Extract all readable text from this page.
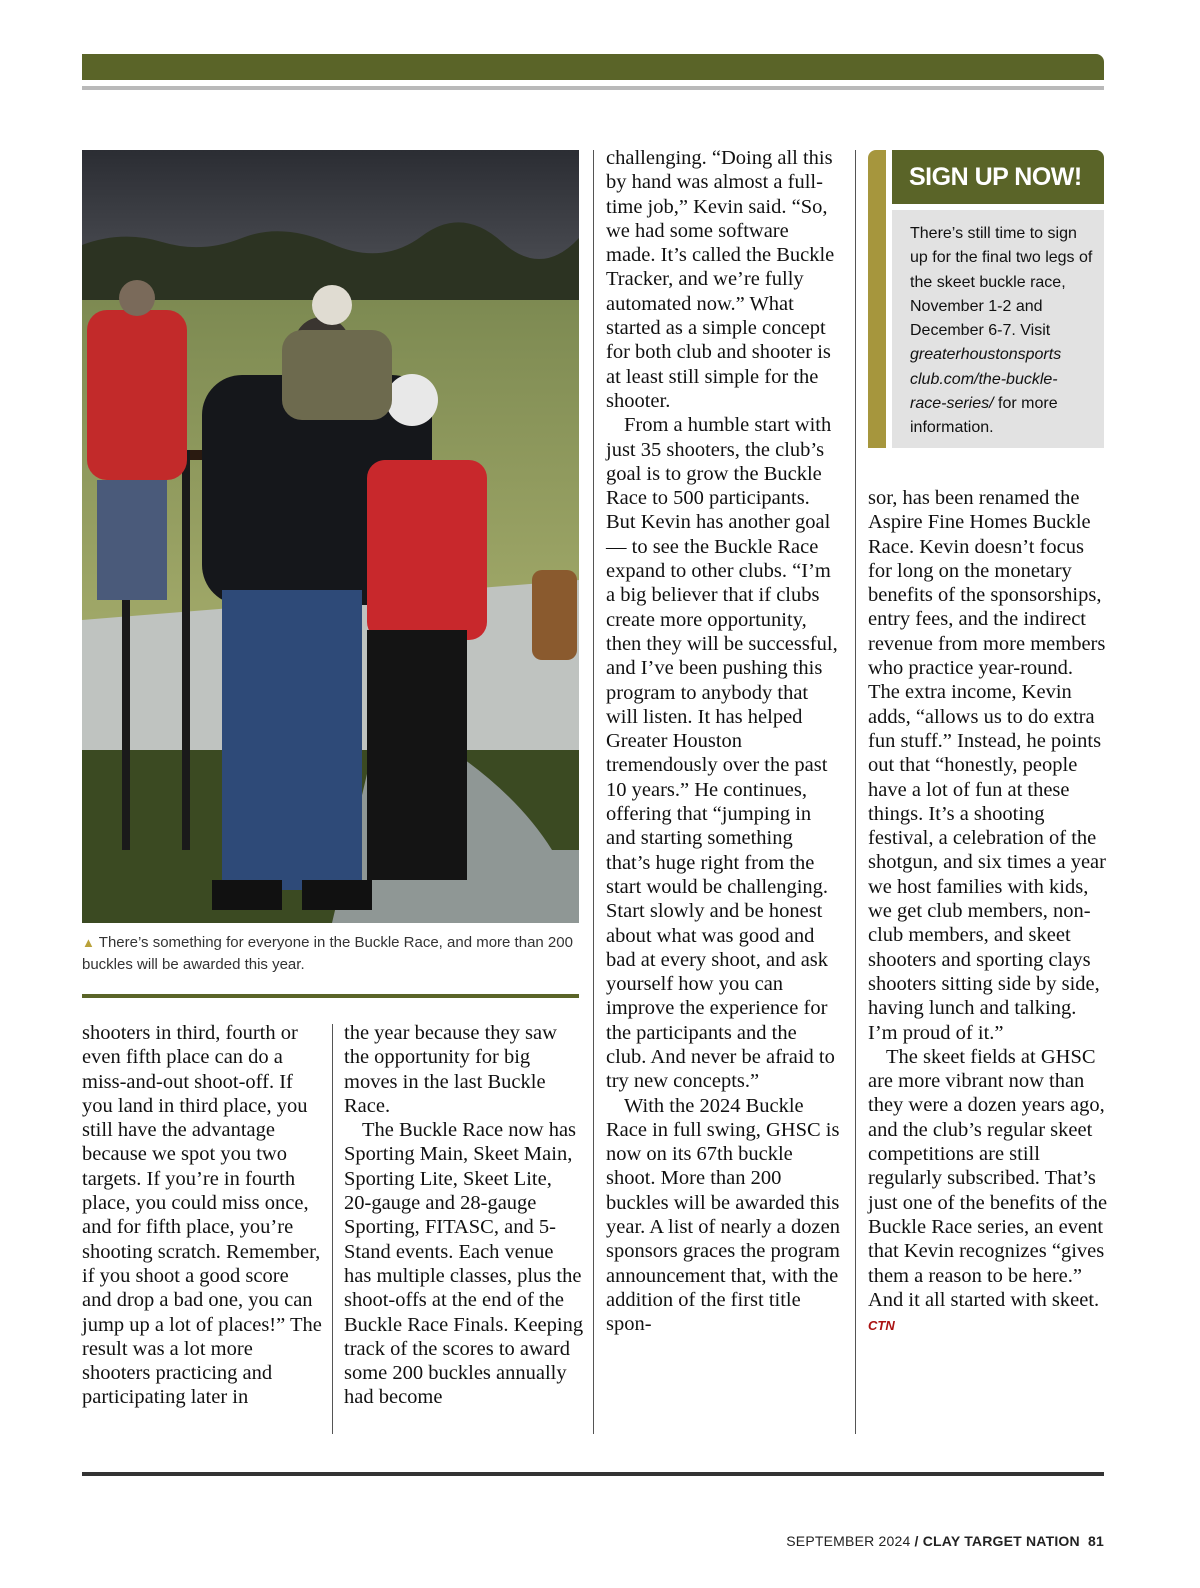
▲ There’s something for everyone in the Buckle Race, and more than 200 buckles will be awarded this year.

shooters in third, fourth or even fifth place can do a miss-and-out shoot-off. If you land in third place, you still have the advantage because we spot you two targets. If you’re in fourth place, you could miss once, and for fifth place, you’re shooting scratch. Remember, if you shoot a good score and drop a bad one, you can jump up a lot of places!” The result was a lot more shooters practicing and participating later in

the year because they saw the opportunity for big moves in the last Buckle Race.

The Buckle Race now has Sporting Main, Skeet Main, Sporting Lite, Skeet Lite, 20-gauge and 28-gauge Sporting, FITASC, and 5-Stand events. Each venue has multiple classes, plus the shoot-offs at the end of the Buckle Race Finals. Keeping track of the scores to award some 200 buckles annually had become

challenging. “Doing all this by hand was almost a full-time job,” Kevin said. “So, we had some software made. It’s called the Buckle Tracker, and we’re fully automated now.” What started as a simple concept for both club and shooter is at least still simple for the shooter.

From a humble start with just 35 shooters, the club’s goal is to grow the Buckle Race to 500 participants. But Kevin has another goal — to see the Buckle Race expand to other clubs. “I’m a big believer that if clubs create more opportunity, then they will be successful, and I’ve been pushing this program to anybody that will listen. It has helped Greater Houston tremendously over the past 10 years.” He continues, offering that “jumping in and starting something that’s huge right from the start would be challenging. Start slowly and be honest about what was good and bad at every shoot, and ask yourself how you can improve the experience for the participants and the club. And never be afraid to try new concepts.”

With the 2024 Buckle Race in full swing, GHSC is now on its 67th buckle shoot. More than 200 buckles will be awarded this year. A list of nearly a dozen sponsors graces the program announcement that, with the addition of the first title spon-

SIGN UP NOW!
There’s still time to sign up for the final two legs of the skeet buckle race, November 1-2 and December 6-7. Visit greaterhoustonsports club.com/the-buckle-race-series/ for more information.

sor, has been renamed the Aspire Fine Homes Buckle Race. Kevin doesn’t focus for long on the monetary benefits of the sponsorships, entry fees, and the indirect revenue from more members who practice year-round. The extra income, Kevin adds, “allows us to do extra fun stuff.” Instead, he points out that “honestly, people have a lot of fun at these things. It’s a shooting festival, a celebration of the shotgun, and six times a year we host families with kids, we get club members, non-club members, and skeet shooters and sporting clays shooters sitting side by side, having lunch and talking. I’m proud of it.”

The skeet fields at GHSC are more vibrant now than they were a dozen years ago, and the club’s regular skeet competitions are still regularly subscribed. That’s just one of the benefits of the Buckle Race series, an event that Kevin recognizes “gives them a reason to be here.” And it all started with skeet. CTN

SEPTEMBER 2024 / CLAY TARGET NATION 81
